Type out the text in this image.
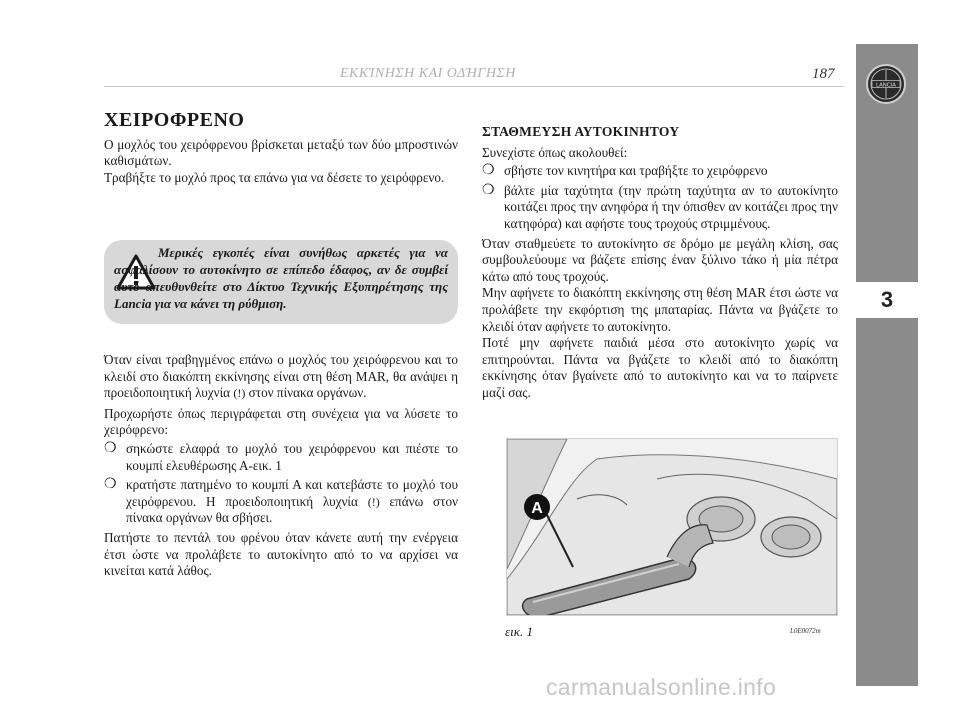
ΕΚΚΊΝΗΣΗ ΚΑΙ ΟΔΉΓΗΣΗ	187
LANCIA
3
ΧΕΙΡΟΦΡΕΝΟ

Ο μοχλός του χειρόφρενου βρίσκεται μεταξύ των δύο μπροστινών καθισμάτων.

Τραβήξτε το μοχλό προς τα επάνω για να δέσετε το χειρόφρενο.

Μερικές εγκοπές είναι συνήθως αρκετές για να ασφαλίσουν το αυτοκίνητο σε επίπεδο έδαφος, αν δε συμβεί αυτό απευθυνθείτε στο Δίκτυο Τεχνικής Εξυπηρέτησης της Lancia για να κάνει τη ρύθμιση.

Όταν είναι τραβηγμένος επάνω ο μοχλός του χειρόφρενου και το κλειδί στο διακόπτη εκκίνησης είναι στη θέση MAR, θα ανάψει η προειδοποιητική λυχνία (!) στον πίνακα οργάνων.

Προχωρήστε όπως περιγράφεται στη συνέχεια για να λύσετε το χειρόφρενο:

❍ σηκώστε ελαφρά το μοχλό του χειρόφρενου και πιέστε το κουμπί ελευθέρωσης Α-εικ. 1
❍ κρατήστε πατημένο το κουμπί Α και κατεβάστε το μοχλό του χειρόφρενου. Η προειδοποιητική λυχνία (!) επάνω στον πίνακα οργάνων θα σβήσει.

Πατήστε το πεντάλ του φρένου όταν κάνετε αυτή την ενέργεια έτσι ώστε να προλάβετε το αυτοκίνητο από το να αρχίσει να κινείται κατά λάθος.

ΣΤΑΘΜΕΥΣΗ ΑΥΤΟΚΙΝΗΤΟΥ

Συνεχίστε όπως ακολουθεί:

❍ σβήστε τον κινητήρα και τραβήξτε το χειρόφρενο
❍ βάλτε μία ταχύτητα (την πρώτη ταχύτητα αν το αυτοκίνητο κοιτάζει προς την ανηφόρα ή την όπισθεν αν κοιτάζει προς την κατηφόρα) και αφήστε τους τροχούς στριμμένους.

Όταν σταθμεύετε το αυτοκίνητο σε δρόμο με μεγάλη κλίση, σας συμβουλεύουμε να βάζετε επίσης έναν ξύλινο τάκο ή μία πέτρα κάτω από τους τροχούς.

Μην αφήνετε το διακόπτη εκκίνησης στη θέση MAR έτσι ώστε να προλάβετε την εκφόρτιση της μπαταρίας. Πάντα να βγάζετε το κλειδί όταν αφήνετε το αυτοκίνητο.

Ποτέ μην αφήνετε παιδιά μέσα στο αυτοκίνητο χωρίς να επιτηρούνται. Πάντα να βγάζετε το κλειδί από το διακόπτη εκκίνησης όταν βγαίνετε από το αυτοκίνητο και να το παίρνετε μαζί σας.

A
εικ. 1	L0E0072m
carmanualsonline.info
